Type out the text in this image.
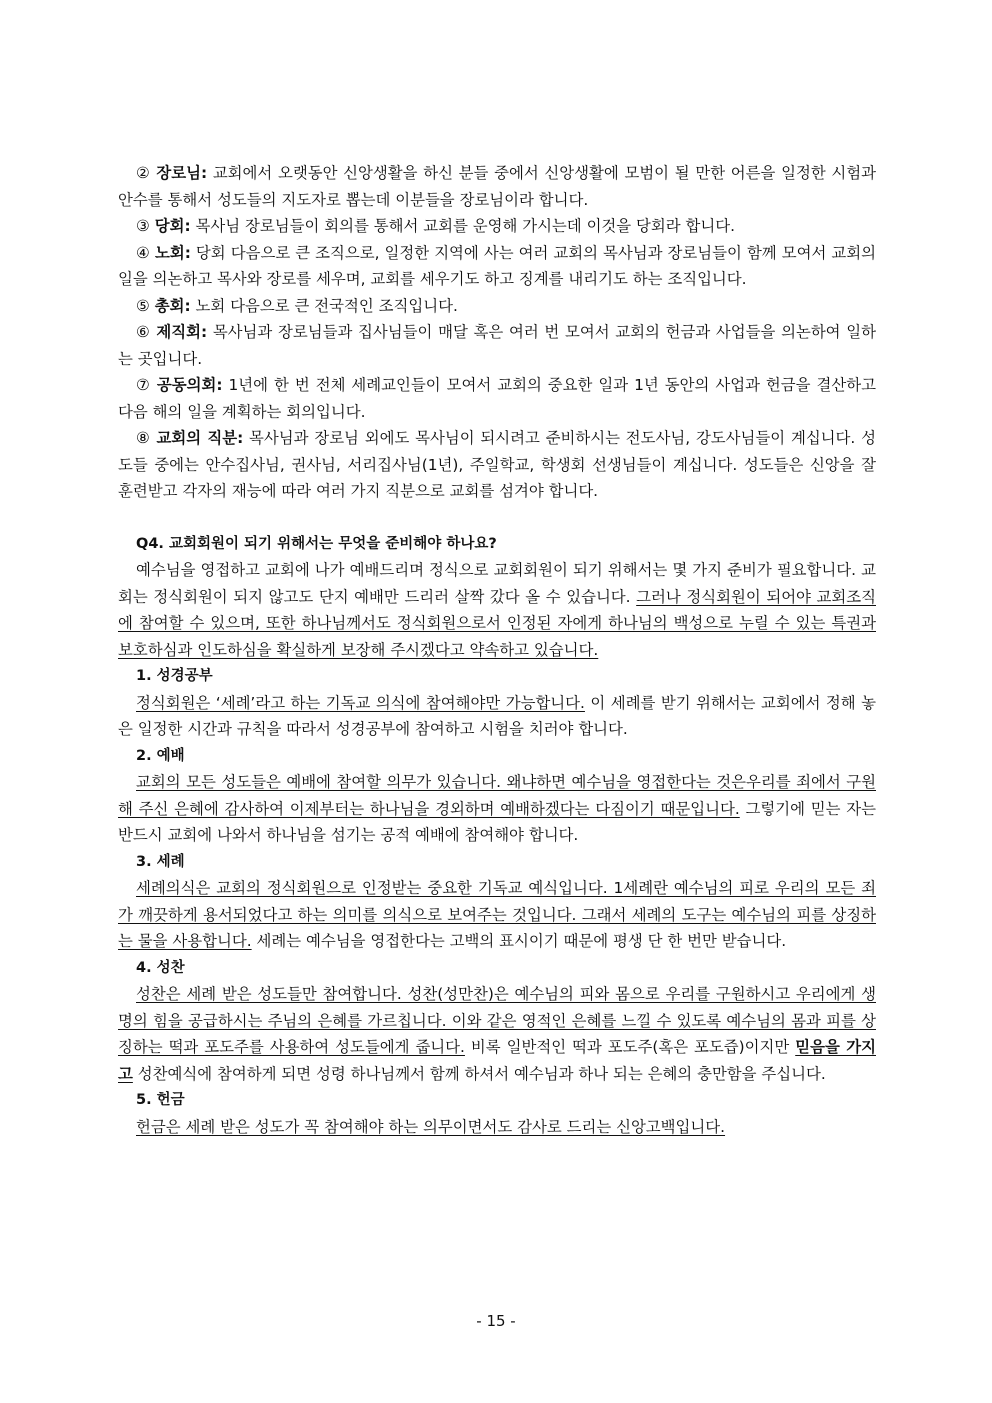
② 장로님: 교회에서 오랫동안 신앙생활을 하신 분들 중에서 신앙생활에 모범이 될 만한 어른을 일정한 시험과 안수를 통해서 성도들의 지도자로 뽑는데 이분들을 장로님이라 합니다.

③ 당회: 목사님 장로님들이 회의를 통해서 교회를 운영해 가시는데 이것을 당회라 합니다.

④ 노회: 당회 다음으로 큰 조직으로, 일정한 지역에 사는 여러 교회의 목사님과 장로님들이 함께 모여서 교회의 일을 의논하고 목사와 장로를 세우며, 교회를 세우기도 하고 징계를 내리기도 하는 조직입니다.

⑤ 총회: 노회 다음으로 큰 전국적인 조직입니다.

⑥ 제직회: 목사님과 장로님들과 집사님들이 매달 혹은 여러 번 모여서 교회의 헌금과 사업들을 의논하여 일하는 곳입니다.

⑦ 공동의회: 1년에 한 번 전체 세례교인들이 모여서 교회의 중요한 일과 1년 동안의 사업과 헌금을 결산하고 다음 해의 일을 계획하는 회의입니다.

⑧ 교회의 직분: 목사님과 장로님 외에도 목사님이 되시려고 준비하시는 전도사님, 강도사님들이 계십니다. 성도들 중에는 안수집사님, 권사님, 서리집사님(1년), 주일학교, 학생회 선생님들이 계십니다. 성도들은 신앙을 잘 훈련받고 각자의 재능에 따라 여러 가지 직분으로 교회를 섬겨야 합니다.

Q4. 교회회원이 되기 위해서는 무엇을 준비해야 하나요?

예수님을 영접하고 교회에 나가 예배드리며 정식으로 교회회원이 되기 위해서는 몇 가지 준비가 필요합니다. 교회는 정식회원이 되지 않고도 단지 예배만 드리러 살짝 갔다 올 수 있습니다. 그러나 정식회원이 되어야 교회조직에 참여할 수 있으며, 또한 하나님께서도 정식회원으로서 인정된 자에게 하나님의 백성으로 누릴 수 있는 특권과 보호하심과 인도하심을 확실하게 보장해 주시겠다고 약속하고 있습니다.

1. 성경공부

정식회원은 ‘세례’라고 하는 기독교 의식에 참여해야만 가능합니다. 이 세례를 받기 위해서는 교회에서 정해 놓은 일정한 시간과 규칙을 따라서 성경공부에 참여하고 시험을 치러야 합니다.

2. 예배

교회의 모든 성도들은 예배에 참여할 의무가 있습니다. 왜냐하면 예수님을 영접한다는 것은우리를 죄에서 구원해 주신 은혜에 감사하여 이제부터는 하나님을 경외하며 예배하겠다는 다짐이기 때문입니다. 그렇기에 믿는 자는 반드시 교회에 나와서 하나님을 섬기는 공적 예배에 참여해야 합니다.

3. 세례

세례의식은 교회의 정식회원으로 인정받는 중요한 기독교 예식입니다. 1세례란 예수님의 피로 우리의 모든 죄가 깨끗하게 용서되었다고 하는 의미를 의식으로 보여주는 것입니다. 그래서 세례의 도구는 예수님의 피를 상징하는 물을 사용합니다. 세례는 예수님을 영접한다는 고백의 표시이기 때문에 평생 단 한 번만 받습니다.

4. 성찬

성찬은 세례 받은 성도들만 참여합니다. 성찬(성만찬)은 예수님의 피와 몸으로 우리를 구원하시고 우리에게 생명의 힘을 공급하시는 주님의 은혜를 가르칩니다. 이와 같은 영적인 은혜를 느낄 수 있도록 예수님의 몸과 피를 상징하는 떡과 포도주를 사용하여 성도들에게 줍니다. 비록 일반적인 떡과 포도주(혹은 포도즙)이지만 믿음을 가지고 성찬예식에 참여하게 되면 성령 하나님께서 함께 하셔서 예수님과 하나 되는 은혜의 충만함을 주십니다.

5. 헌금

헌금은 세례 받은 성도가 꼭 참여해야 하는 의무이면서도 감사로 드리는 신앙고백입니다.

- 15 -
